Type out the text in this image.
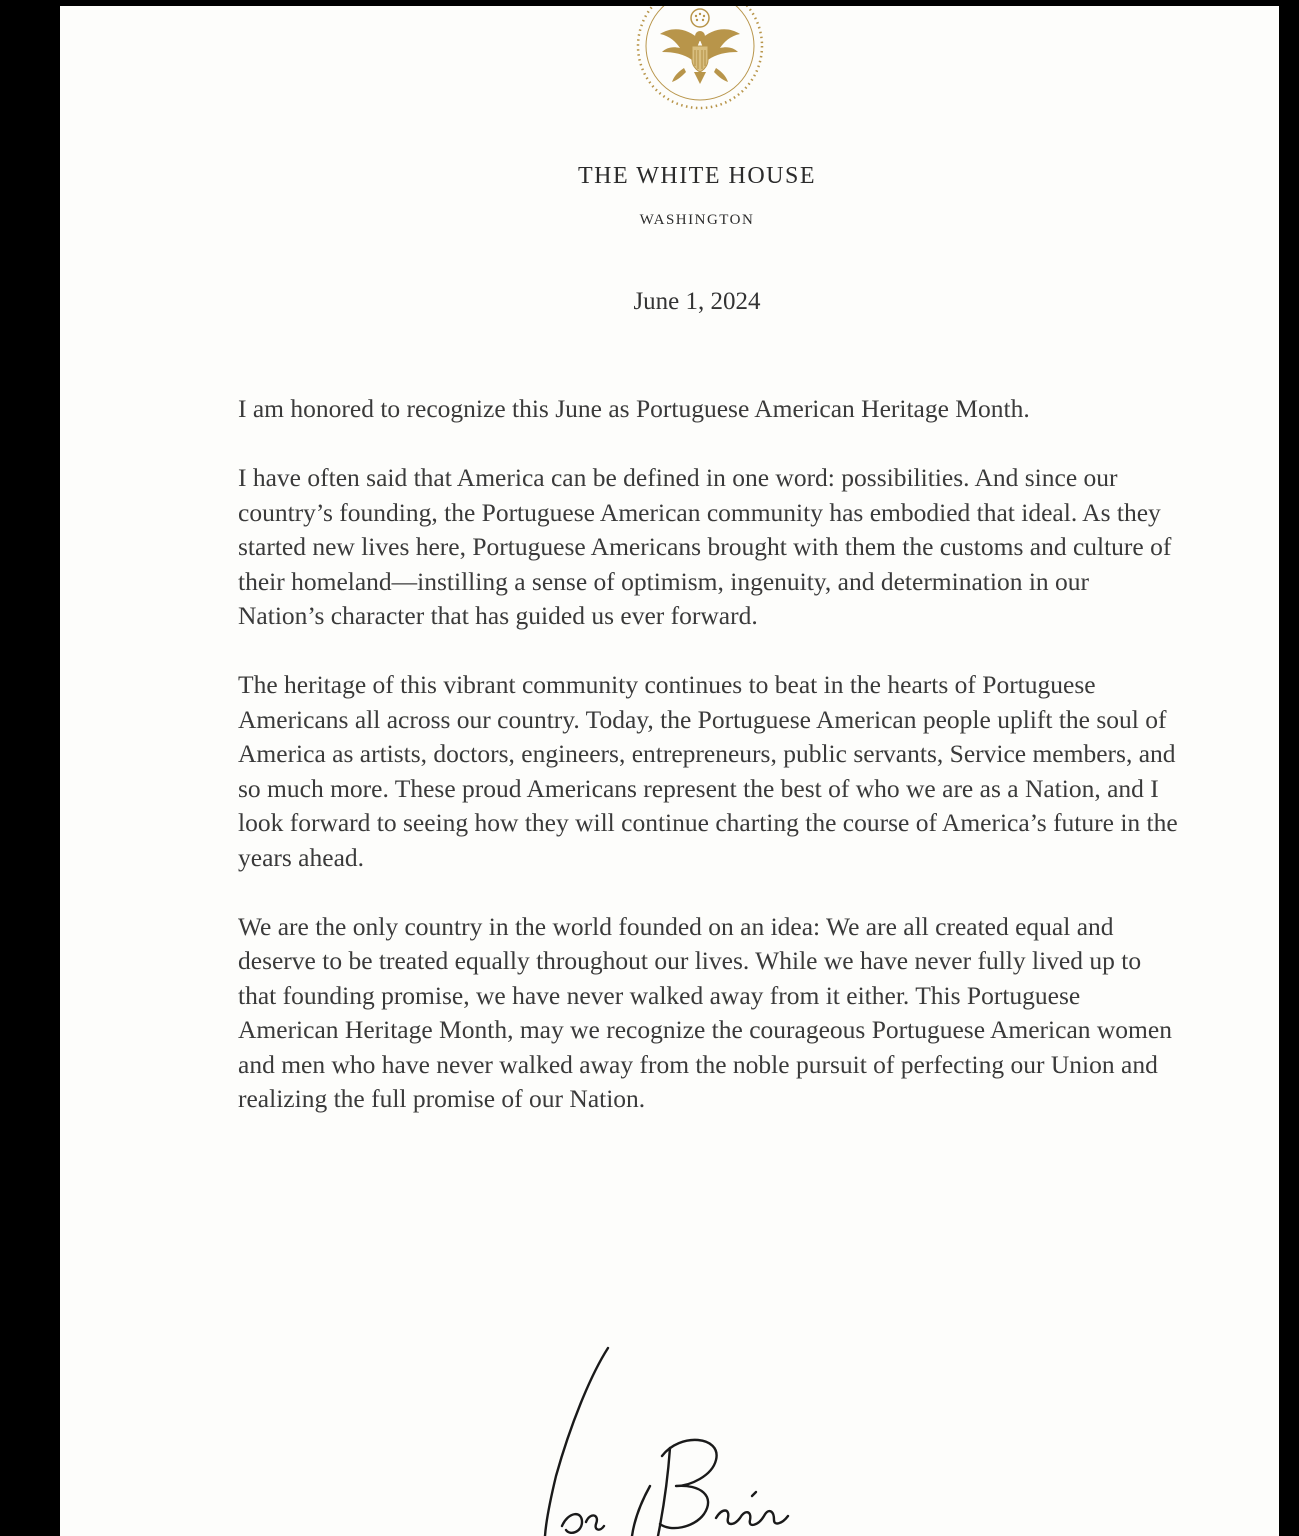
THE WHITE HOUSE
WASHINGTON
June 1, 2024

I am honored to recognize this June as Portuguese American Heritage Month.

I have often said that America can be defined in one word: possibilities. And since our country’s founding, the Portuguese American community has embodied that ideal. As they started new lives here, Portuguese Americans brought with them the customs and culture of their homeland—instilling a sense of optimism, ingenuity, and determination in our Nation’s character that has guided us ever forward.

The heritage of this vibrant community continues to beat in the hearts of Portuguese Americans all across our country. Today, the Portuguese American people uplift the soul of America as artists, doctors, engineers, entrepreneurs, public servants, Service members, and so much more. These proud Americans represent the best of who we are as a Nation, and I look forward to seeing how they will continue charting the course of America’s future in the years ahead.

We are the only country in the world founded on an idea: We are all created equal and deserve to be treated equally throughout our lives. While we have never fully lived up to that founding promise, we have never walked away from it either. This Portuguese American Heritage Month, may we recognize the courageous Portuguese American women and men who have never walked away from the noble pursuit of perfecting our Union and realizing the full promise of our Nation.
